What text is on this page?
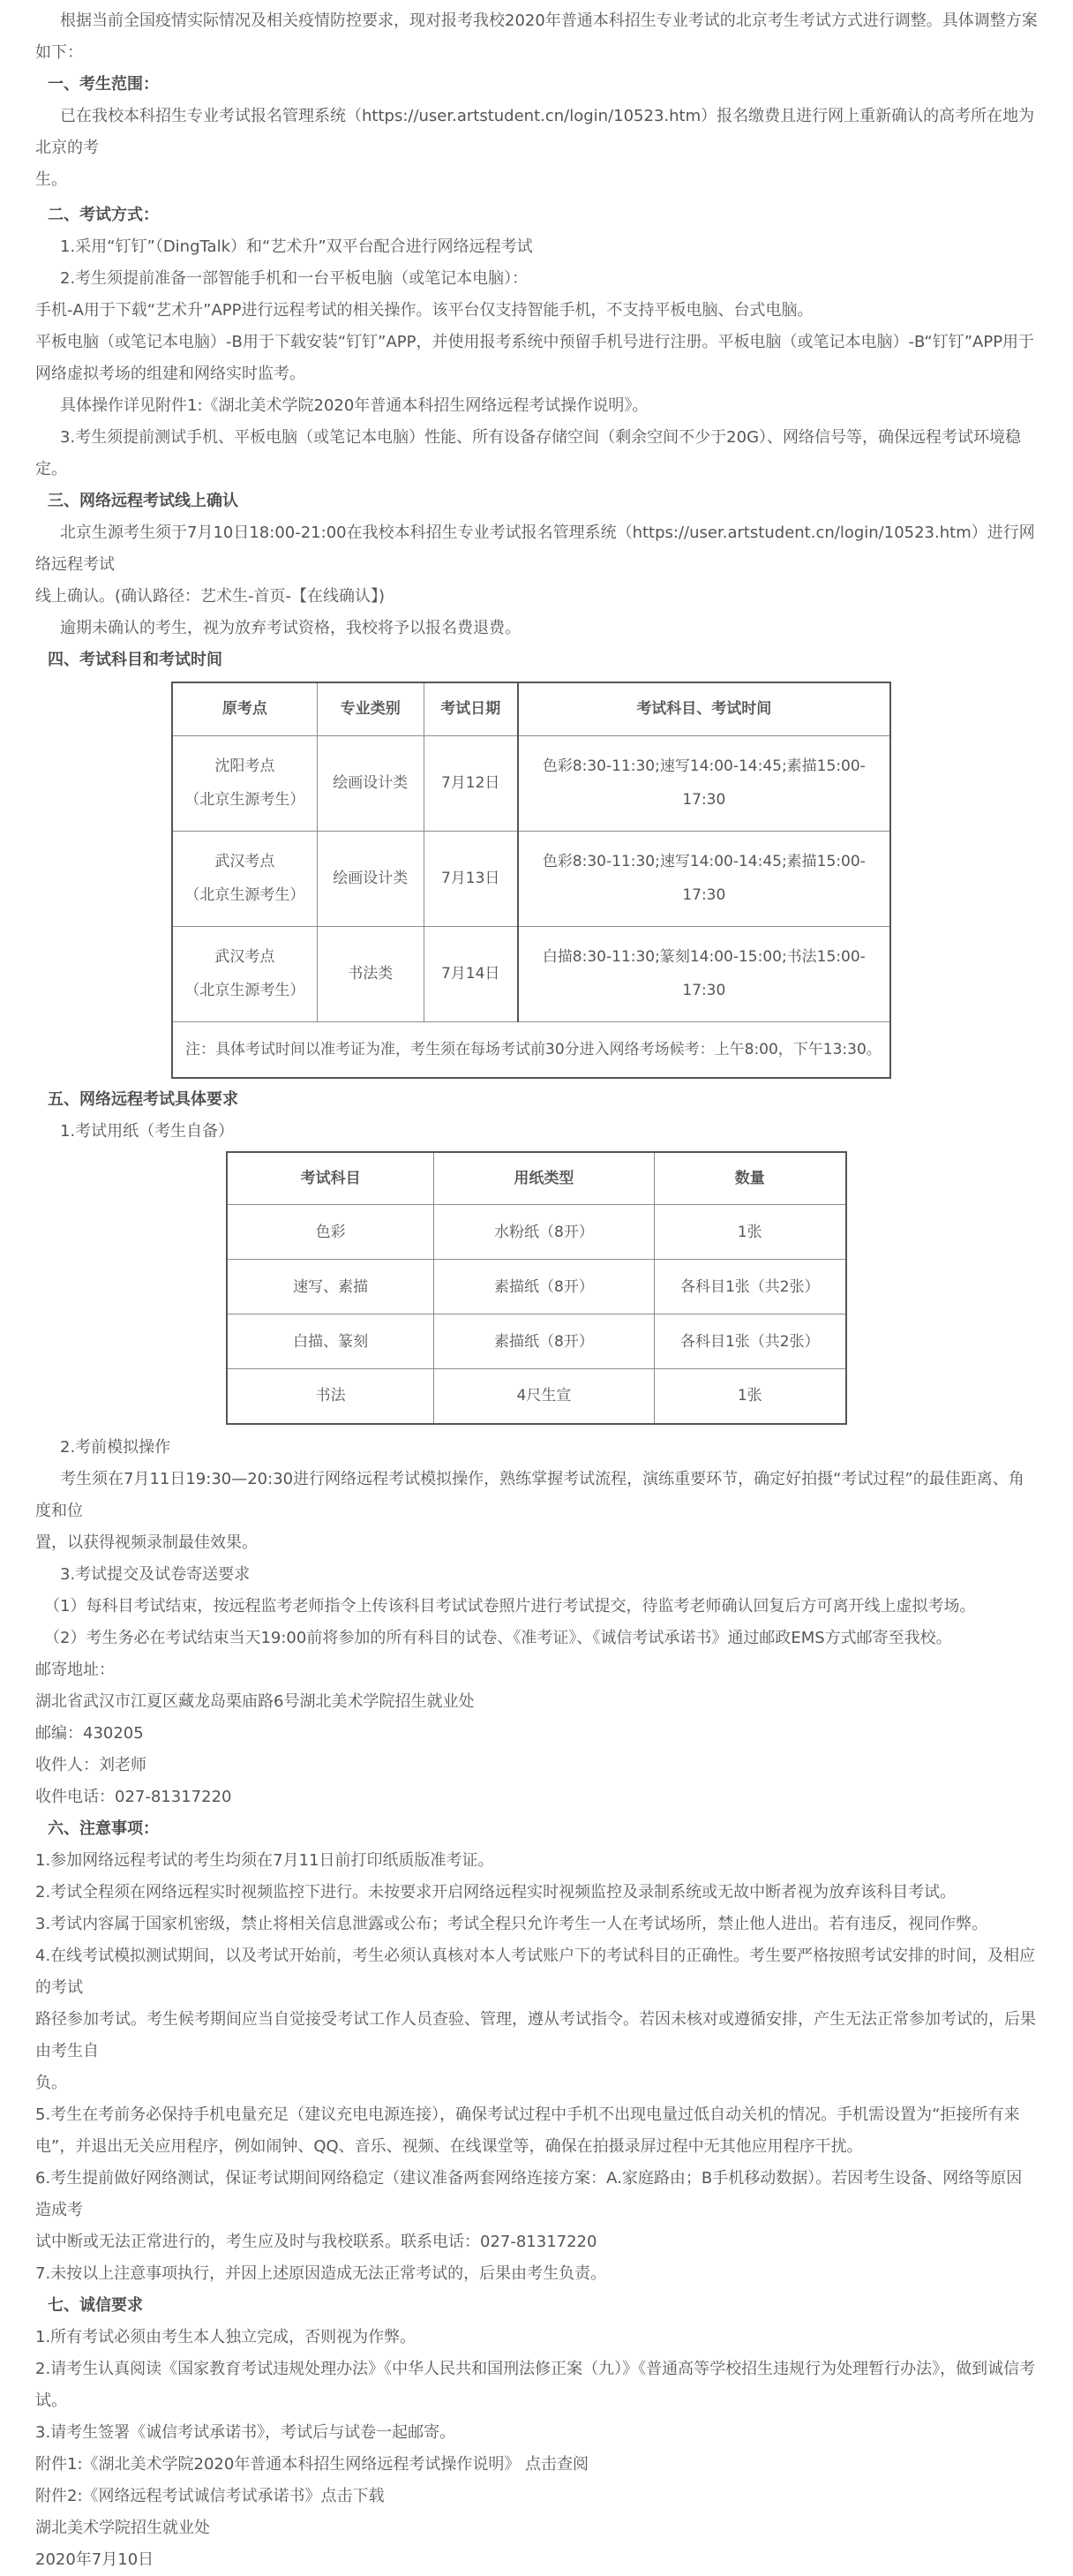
根据当前全国疫情实际情况及相关疫情防控要求，现对报考我校2020年普通本科招生专业考试的北京考生考试方式进行调整。具体调整方案如下：

一、考生范围：

已在我校本科招生专业考试报名管理系统（https://user.artstudent.cn/login/10523.htm）报名缴费且进行网上重新确认的高考所在地为北京的考

生。

二、考试方式：

1.采用“钉钉”（DingTalk）和“艺术升”双平台配合进行网络远程考试

2.考生须提前准备一部智能手机和一台平板电脑（或笔记本电脑）：

手机-A用于下载“艺术升”APP进行远程考试的相关操作。该平台仅支持智能手机，不支持平板电脑、台式电脑。

平板电脑（或笔记本电脑）-B用于下载安装“钉钉”APP，并使用报考系统中预留手机号进行注册。平板电脑（或笔记本电脑）-B“钉钉”APP用于

网络虚拟考场的组建和网络实时监考。

具体操作详见附件1:《湖北美术学院2020年普通本科招生网络远程考试操作说明》。

3.考生须提前测试手机、平板电脑（或笔记本电脑）性能、所有设备存储空间（剩余空间不少于20G）、网络信号等，确保远程考试环境稳定。

三、网络远程考试线上确认

北京生源考生须于7月10日18:00-21:00在我校本科招生专业考试报名管理系统（https://user.artstudent.cn/login/10523.htm）进行网络远程考试

线上确认。(确认路径：艺术生-首页-【在线确认】)

逾期未确认的考生，视为放弃考试资格，我校将予以报名费退费。

四、考试科目和考试时间

原考点	专业类别	考试日期	考试科目、考试时间
沈阳考点
（北京生源考生）	绘画设计类	7月12日	色彩8:30-11:30;速写14:00-14:45;素描15:00-17:30
武汉考点
（北京生源考生）	绘画设计类	7月13日	色彩8:30-11:30;速写14:00-14:45;素描15:00-17:30
武汉考点
（北京生源考生）	书法类	7月14日	白描8:30-11:30;篆刻14:00-15:00;书法15:00-17:30
注：具体考试时间以准考证为准，考生须在每场考试前30分进入网络考场候考：上午8:00，下午13:30。			

五、网络远程考试具体要求

1.考试用纸（考生自备）

考试科目	用纸类型	数量
色彩	水粉纸（8开）	1张
速写、素描	素描纸（8开）	各科目1张（共2张）
白描、篆刻	素描纸（8开）	各科目1张（共2张）
书法	4尺生宣	1张

2.考前模拟操作

考生须在7月11日19:30—20:30进行网络远程考试模拟操作，熟练掌握考试流程，演练重要环节，确定好拍摄“考试过程”的最佳距离、角度和位

置，以获得视频录制最佳效果。

3.考试提交及试卷寄送要求

（1）每科目考试结束，按远程监考老师指令上传该科目考试试卷照片进行考试提交，待监考老师确认回复后方可离开线上虚拟考场。

（2）考生务必在考试结束当天19:00前将参加的所有科目的试卷、《准考证》、《诚信考试承诺书》通过邮政EMS方式邮寄至我校。

邮寄地址：

湖北省武汉市江夏区藏龙岛栗庙路6号湖北美术学院招生就业处

邮编：430205

收件人：刘老师

收件电话：027-81317220

六、注意事项：

1.参加网络远程考试的考生均须在7月11日前打印纸质版准考证。

2.考试全程须在网络远程实时视频监控下进行。未按要求开启网络远程实时视频监控及录制系统或无故中断者视为放弃该科目考试。

3.考试内容属于国家机密级，禁止将相关信息泄露或公布；考试全程只允许考生一人在考试场所，禁止他人进出。若有违反，视同作弊。

4.在线考试模拟测试期间，以及考试开始前，考生必须认真核对本人考试账户下的考试科目的正确性。考生要严格按照考试安排的时间，及相应的考试

路径参加考试。考生候考期间应当自觉接受考试工作人员查验、管理，遵从考试指令。若因未核对或遵循安排，产生无法正常参加考试的，后果由考生自

负。

5.考生在考前务必保持手机电量充足（建议充电电源连接），确保考试过程中手机不出现电量过低自动关机的情况。手机需设置为“拒接所有来

电”，并退出无关应用程序，例如闹钟、QQ、音乐、视频、在线课堂等，确保在拍摄录屏过程中无其他应用程序干扰。

6.考生提前做好网络测试，保证考试期间网络稳定（建议准备两套网络连接方案：A.家庭路由；B手机移动数据）。若因考生设备、网络等原因造成考

试中断或无法正常进行的，考生应及时与我校联系。联系电话：027-81317220

7.未按以上注意事项执行，并因上述原因造成无法正常考试的，后果由考生负责。

七、诚信要求

1.所有考试必须由考生本人独立完成，否则视为作弊。

2.请考生认真阅读《国家教育考试违规处理办法》《中华人民共和国刑法修正案（九）》《普通高等学校招生违规行为处理暂行办法》，做到诚信考

试。

3.请考生签署《诚信考试承诺书》，考试后与试卷一起邮寄。

附件1:《湖北美术学院2020年普通本科招生网络远程考试操作说明》 点击查阅

附件2:《网络远程考试诚信考试承诺书》点击下载

湖北美术学院招生就业处

2020年7月10日
